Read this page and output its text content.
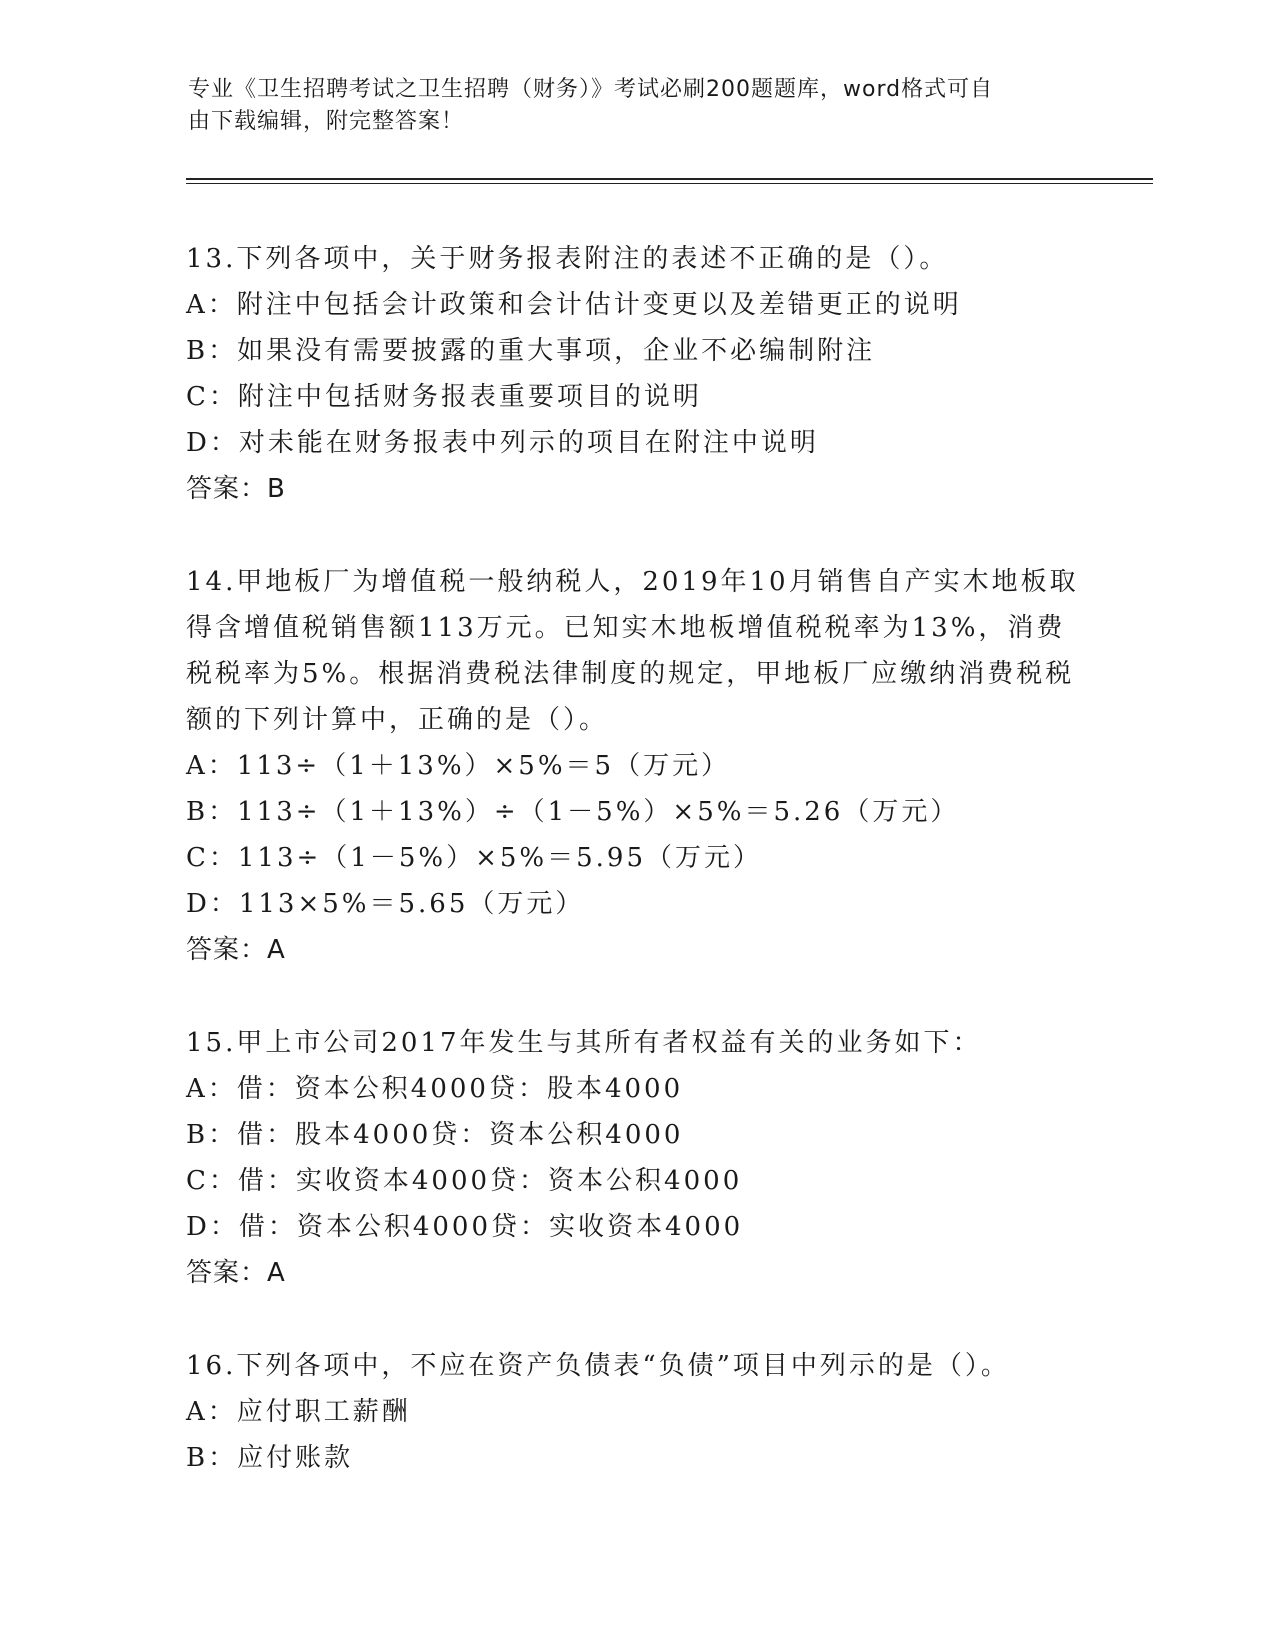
专业《卫生招聘考试之卫生招聘（财务）》考试必刷200题题库，word格式可自
由下载编辑，附完整答案！
13.下列各项中，关于财务报表附注的表述不正确的是（）。
A：附注中包括会计政策和会计估计变更以及差错更正的说明
B：如果没有需要披露的重大事项，企业不必编制附注
C：附注中包括财务报表重要项目的说明
D：对未能在财务报表中列示的项目在附注中说明
答案：B
14.甲地板厂为增值税一般纳税人，2019年10月销售自产实木地板取
得含增值税销售额113万元。已知实木地板增值税税率为13%，消费
税税率为5%。根据消费税法律制度的规定，甲地板厂应缴纳消费税税
额的下列计算中，正确的是（）。
A：113÷（1＋13%）×5%＝5（万元）
B：113÷（1＋13%）÷（1－5%）×5%＝5.26（万元）
C：113÷（1－5%）×5%＝5.95（万元）
D：113×5%＝5.65（万元）
答案：A
15.甲上市公司2017年发生与其所有者权益有关的业务如下：
A：借：资本公积4000贷：股本4000
B：借：股本4000贷：资本公积4000
C：借：实收资本4000贷：资本公积4000
D：借：资本公积4000贷：实收资本4000
答案：A
16.下列各项中，不应在资产负债表“负债”项目中列示的是（）。
A：应付职工薪酬
B：应付账款
